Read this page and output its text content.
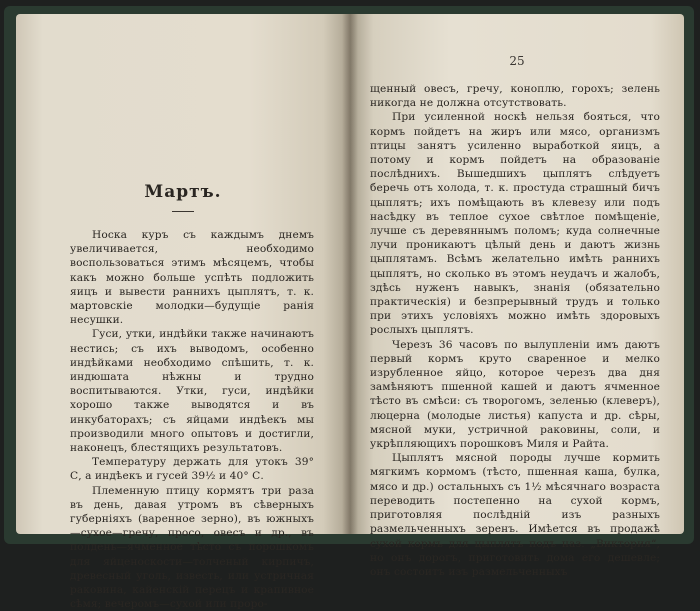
Мартъ.

Носка куръ съ каждымъ днемъ увеличивается, необходимо воспользоваться этимъ мѣсяцемъ, чтобы какъ можно больше успѣть подложить яицъ и вывести раннихъ цыплятъ, т. к. мартовскіе молодки—будущіе ранія несушки.

Гуси, утки, индѣйки также начинаютъ нестись; съ ихъ выводомъ, особенно индѣйками необходимо спѣшить, т. к. индюшата нѣжны и трудно воспитываются. Утки, гуси, индѣйки хорошо также выводятся и въ инкубаторахъ; съ яйцами индѣекъ мы производили много опытовъ и достигли, наконецъ, блестящихъ результатовъ.

Температуру держать для утокъ 39° С, а индѣекъ и гусей 39½ и 40° С.

Племенную птицу кормятъ три раза въ день, давая утромъ въ сѣверныхъ губерніяхъ (варенное зерно), въ южныхъ—сухое—гречу, просо, овесъ и др., въ полдень—ячменное тѣсто съ порошкомъ для яйценоскости—толченый кирпичъ, древесный уголь, известь, или устричная раковина, кайенскій перецъ и крапивное сѣмя; вечеромъ—сухой или проро-

25

щенный овесъ, гречу, коноплю, горохъ; зелень никогда не должна отсутствовать.

При усиленной носкѣ нельзя бояться, что кормъ пойдетъ на жиръ или мясо, организмъ птицы занятъ усиленно выработкой яицъ, а потому и кормъ пойдетъ на образованіе послѣднихъ. Вышедшихъ цыплятъ слѣдуетъ беречь отъ холода, т. к. простуда страшный бичъ цыплятъ; ихъ помѣщають въ клевезу или подъ насѣдку въ теплое сухое свѣтлое помѣщеніе, лучше съ деревяннымъ поломъ; куда солнечные лучи проникаютъ цѣлый день и даютъ жизнь цыплятамъ. Всѣмъ желательно имѣть раннихъ цыплятъ, но сколько въ этомъ неудачъ и жалобъ, здѣсь нуженъ навыкъ, знанія (обязательно практическія) и безпрерывный трудъ и только при этихъ условіяхъ можно имѣть здоровыхъ рослыхъ цыплятъ.

Черезъ 36 часовъ по вылупленіи имъ даютъ первый кормъ круто сваренное и мелко изрубленное яйцо, которое черезъ два дня замѣняютъ пшенной кашей и даютъ ячменное тѣсто въ смѣси: съ творогомъ, зеленью (клеверъ), люцерна (молодые листья) капуста и др. сѣры, мясной муки, устричной раковины, соли, и укрѣпляющихъ порошковъ Миля и Райта.

Цыплятъ мясной породы лучше кормить мягкимъ кормомъ (тѣсто, пшенная каша, булка, мясо и др.) остальныхъ съ 1½ мѣсячнаго возраста переводить постепенно на сухой кормъ, приготовляя послѣдній изъ разныхъ размельченныхъ зеренъ. Имѣется въ продажѣ сухой кормъ для цыплятъ подъ наз. „Виктория“, но онъ дорогъ, приготовить дома его дешевле; онъ состоитъ изъ размельченныхъ
